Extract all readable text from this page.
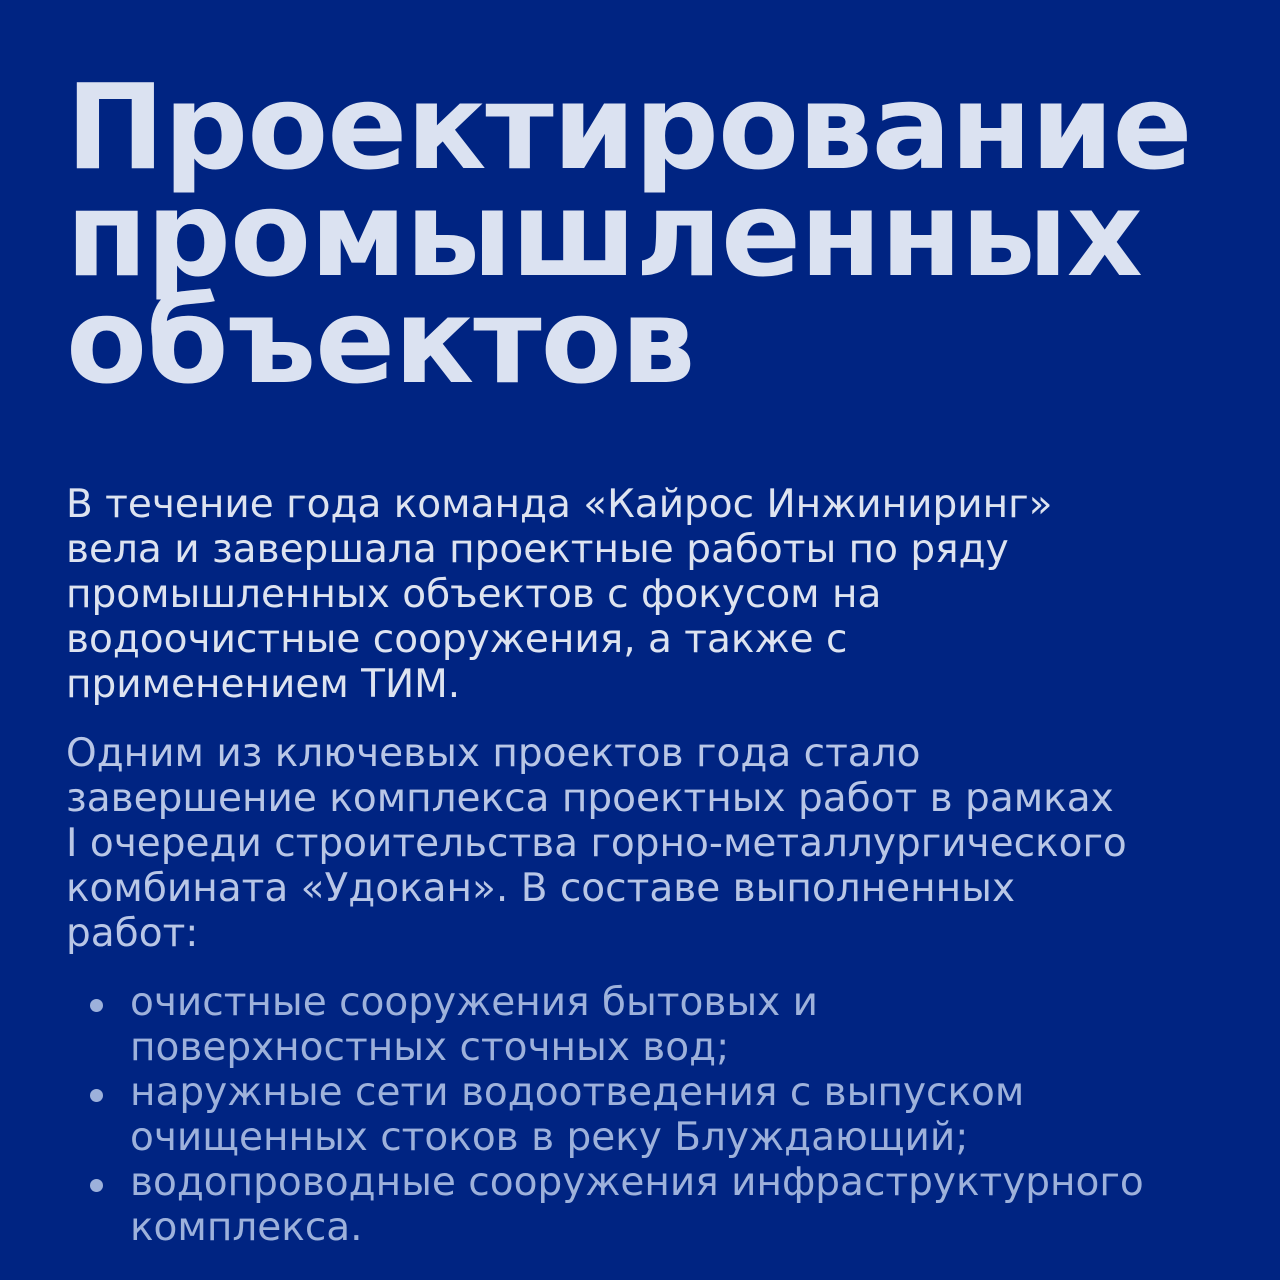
Проектирование
промышленных
объектов

В течение года команда «Кайрос Инжиниринг»
вела и завершала проектные работы по ряду
промышленных объектов с фокусом на
водоочистные сооружения, а также с
применением ТИМ.

Одним из ключевых проектов года стало
завершение комплекса проектных работ в рамках
I очереди строительства горно-металлургического
комбината «Удокан». В составе выполненных
работ:

очистные сооружения бытовых и
поверхностных сточных вод;
наружные сети водоотведения с выпуском
очищенных стоков в реку Блуждающий;
водопроводные сооружения инфраструктурного
комплекса.
